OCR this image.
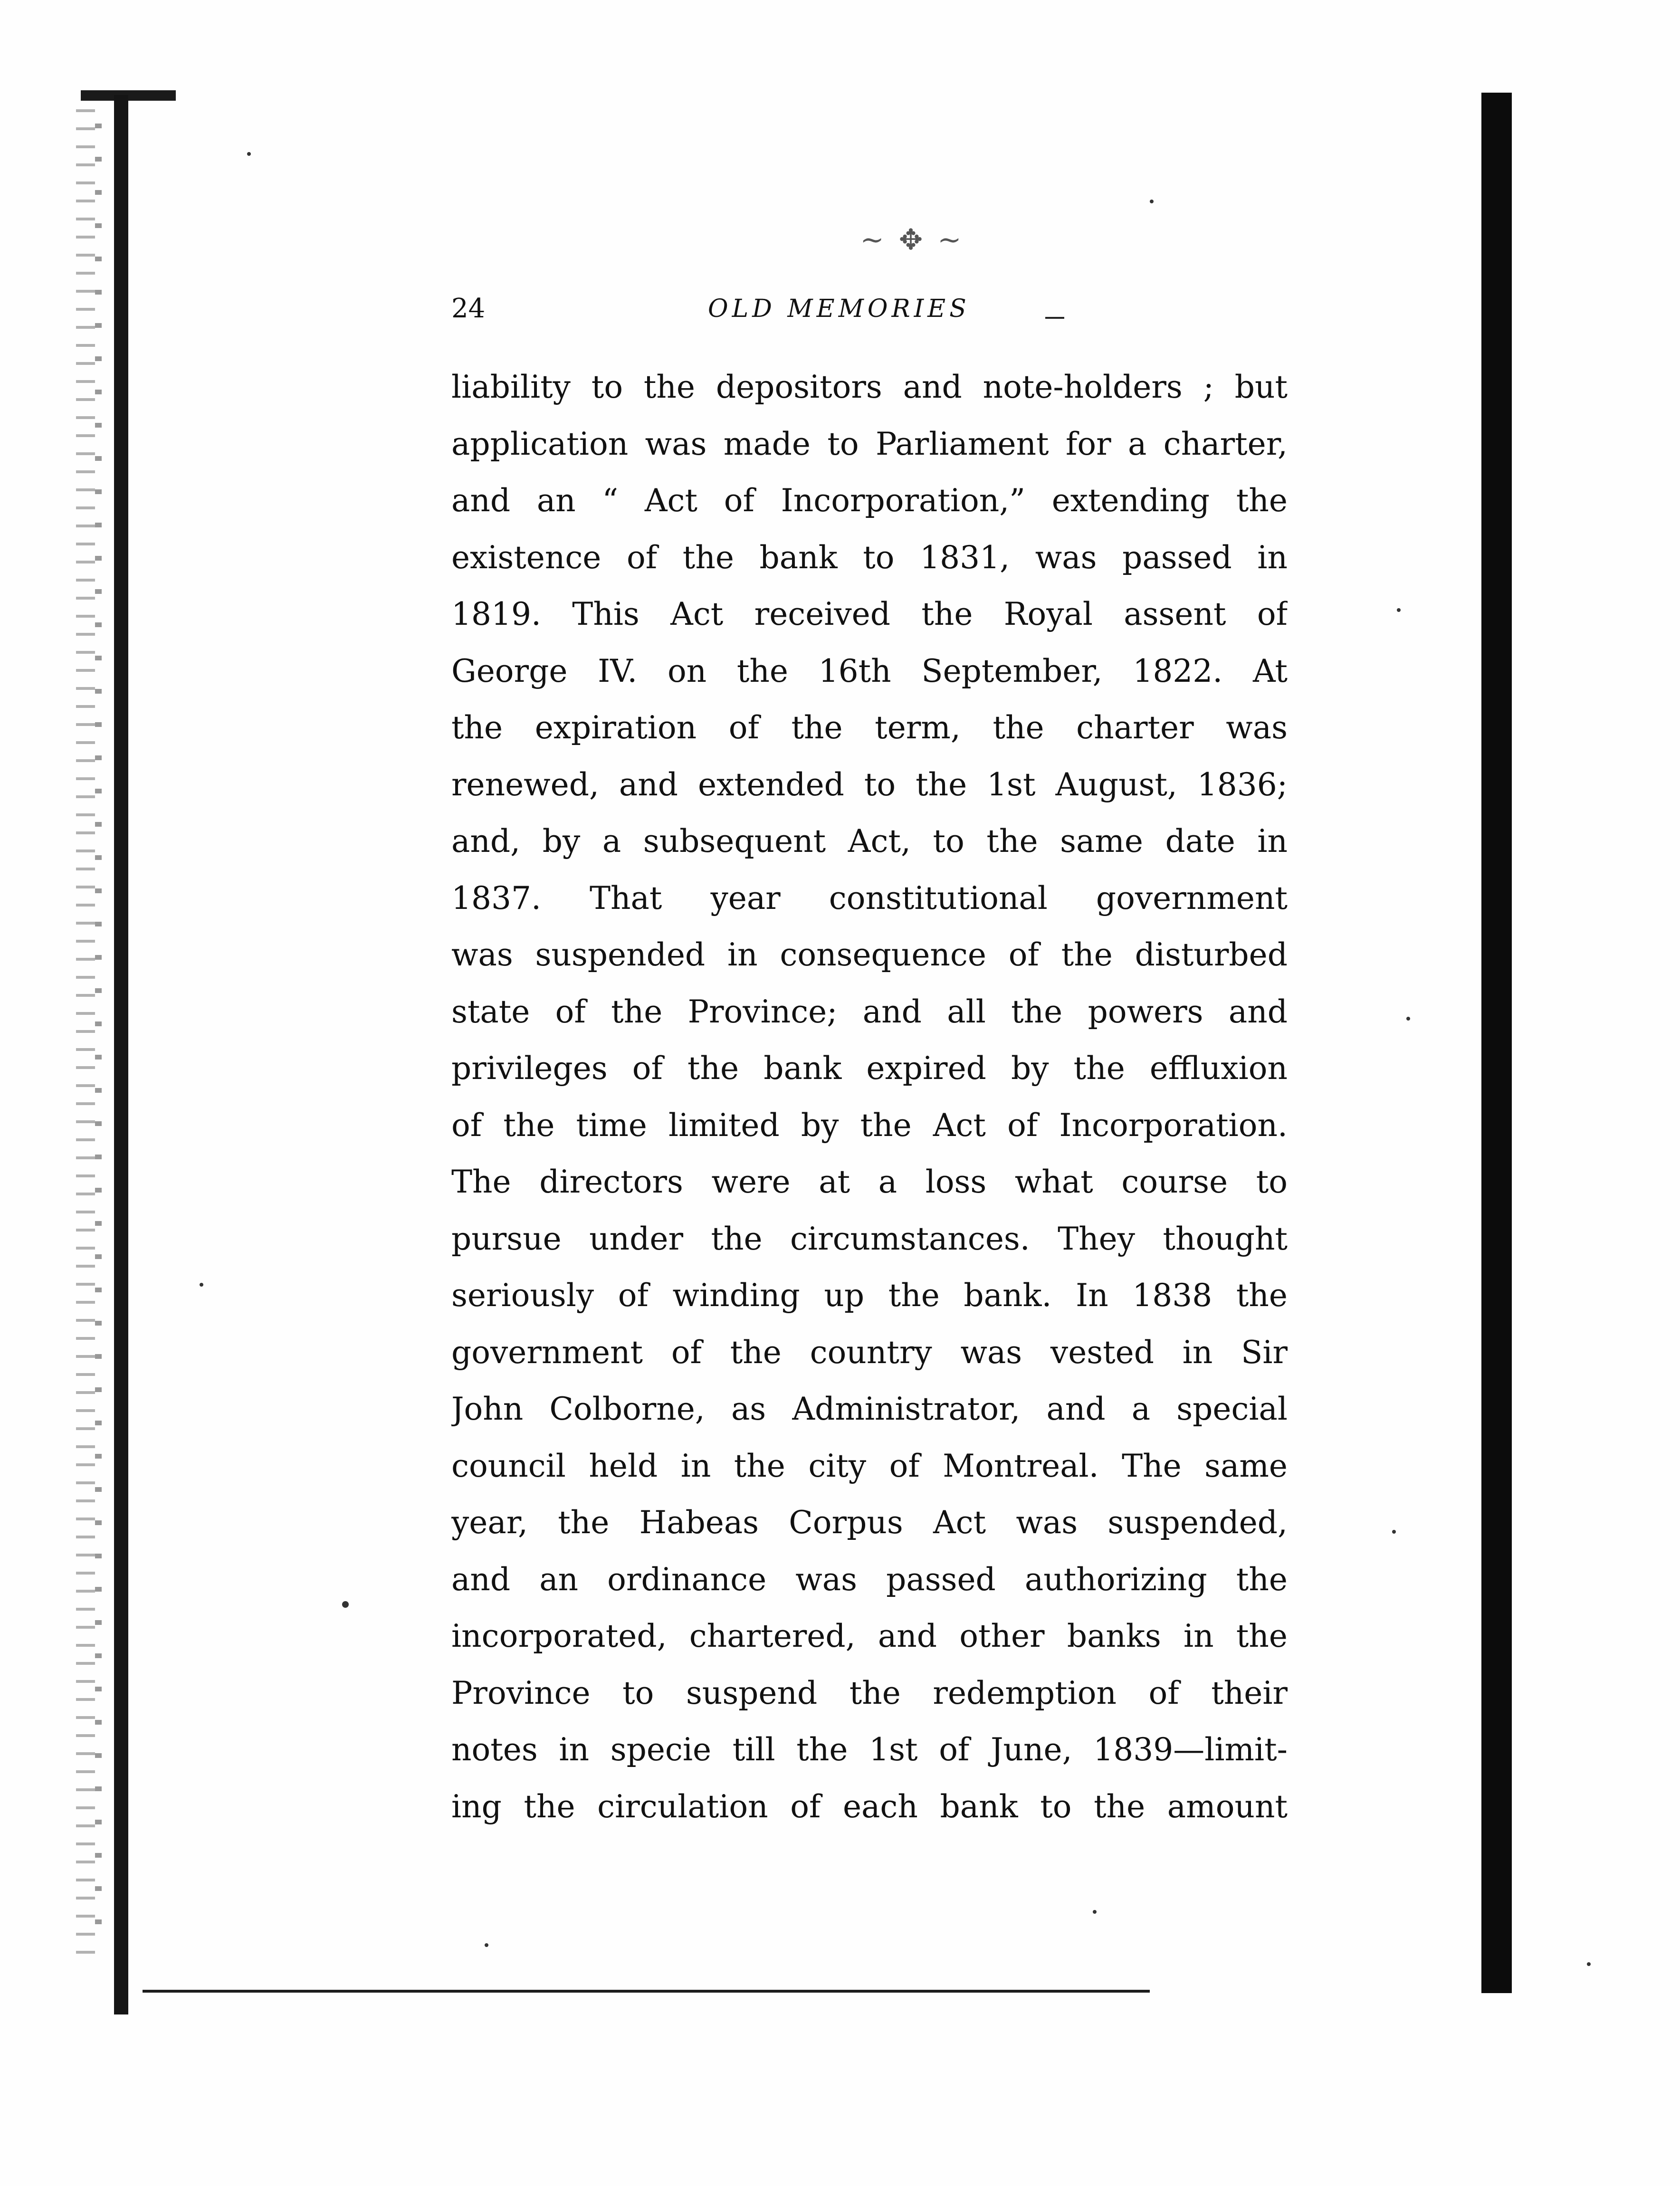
~ ✥ ~
24	OLD MEMORIES
liability to the depositors and note-holders ; but
application was made to Parliament for a charter,
and an “ Act of Incorporation,” extending the
existence of the bank to 1831, was passed in
1819. This Act received the Royal assent of
George IV. on the 16th September, 1822. At
the expiration of the term, the charter was
renewed, and extended to the 1st August, 1836;
and, by a subsequent Act, to the same date in
1837. That year constitutional government
was suspended in consequence of the disturbed
state of the Province; and all the powers and
privileges of the bank expired by the effluxion
of the time limited by the Act of Incorporation.
The directors were at a loss what course to
pursue under the circumstances. They thought
seriously of winding up the bank. In 1838 the
government of the country was vested in Sir
John Colborne, as Administrator, and a special
council held in the city of Montreal. The same
year, the Habeas Corpus Act was suspended,
and an ordinance was passed authorizing the
incorporated, chartered, and other banks in the
Province to suspend the redemption of their
notes in specie till the 1st of June, 1839—limit-
ing the circulation of each bank to the amount
